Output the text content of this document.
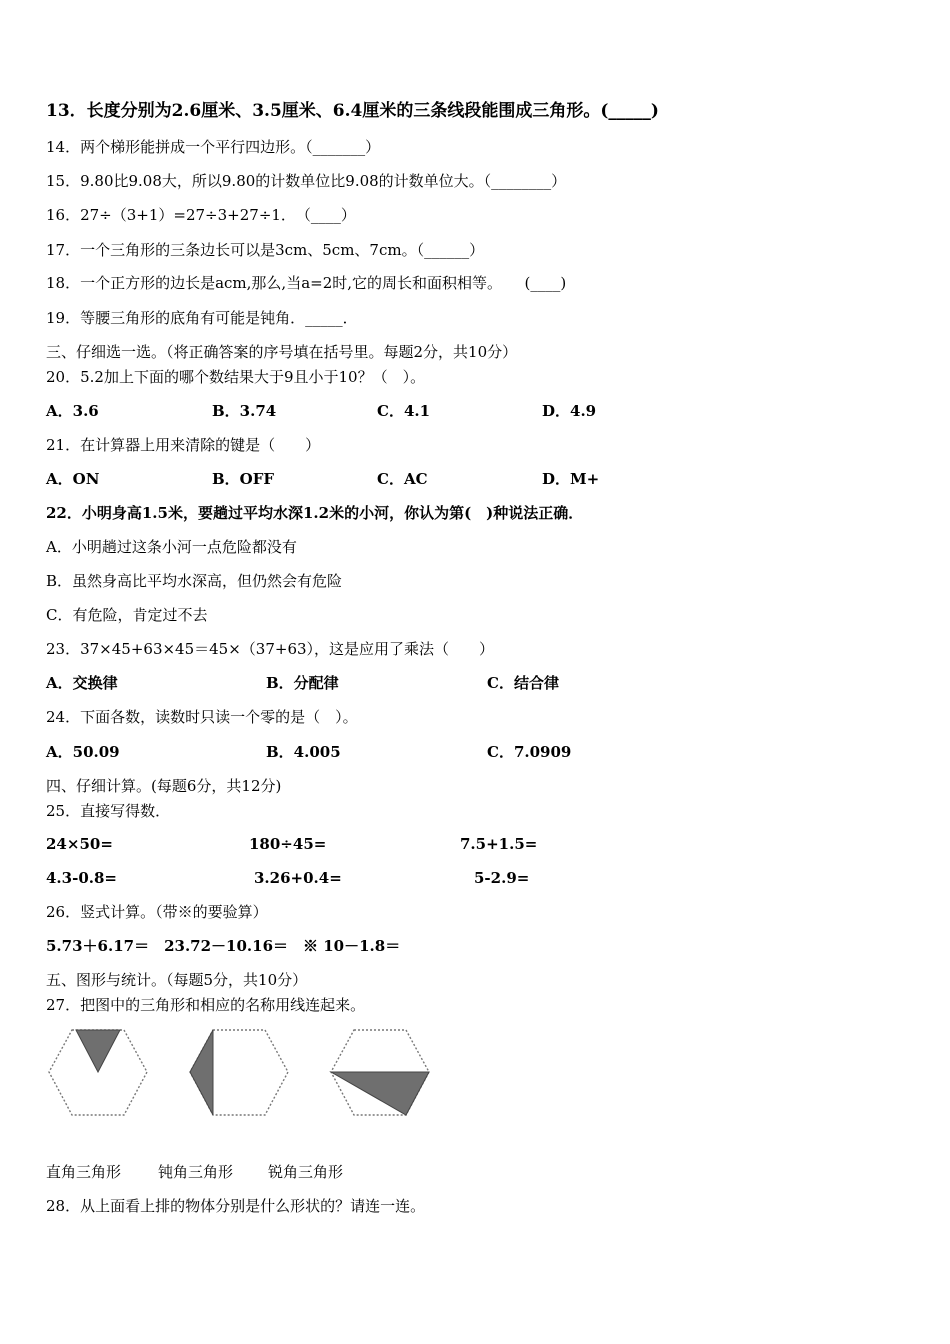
13．长度分别为2.6厘米、3.5厘米、6.4厘米的三条线段能围成三角形。(_____)
14．两个梯形能拼成一个平行四边形。（_______）
15．9.80比9.08大，所以9.80的计数单位比9.08的计数单位大。（________）
16．27÷（3+1）=27÷3+27÷1．　（____）
17．一个三角形的三条边长可以是3cm、5cm、7cm。（______）
18．一个正方形的边长是acm,那么,当a=2时,它的周长和面积相等。　　(____)
19．等腰三角形的底角有可能是钝角．_____．
三、仔细选一选。（将正确答案的序号填在括号里。每题2分，共10分）
20．5.2加上下面的哪个数结果大于9且小于10？（　）。
A．3.6	B．3.74	C．4.1	D．4.9
21．在计算器上用来清除的键是（　　）
A．ON	B．OFF	C．AC	D．M+
22．小明身高1.5米，要趟过平均水深1.2米的小河，你认为第(　)种说法正确．
A．小明趟过这条小河一点危险都没有
B．虽然身高比平均水深高，但仍然会有危险
C．有危险，肯定过不去
23．37×45+63×45＝45×（37+63），这是应用了乘法（　　）
A．交换律	B．分配律	C．结合律
24．下面各数，读数时只读一个零的是（　）。
A．50.09	B．4.005	C．7.0909
四、仔细计算。(每题6分，共12分)
25．直接写得数．
24×50=	180÷45=	7.5+1.5=
4.3-0.8=	3.26+0.4=	5-2.9=
26．竖式计算。（带※的要验算）
5.73＋6.17＝　23.72－10.16＝　※ 10－1.8＝
五、图形与统计。（每题5分，共10分）
27．把图中的三角形和相应的名称用线连起来。
直角三角形 钝角三角形 锐角三角形
28．从上面看上排的物体分别是什么形状的？请连一连。
